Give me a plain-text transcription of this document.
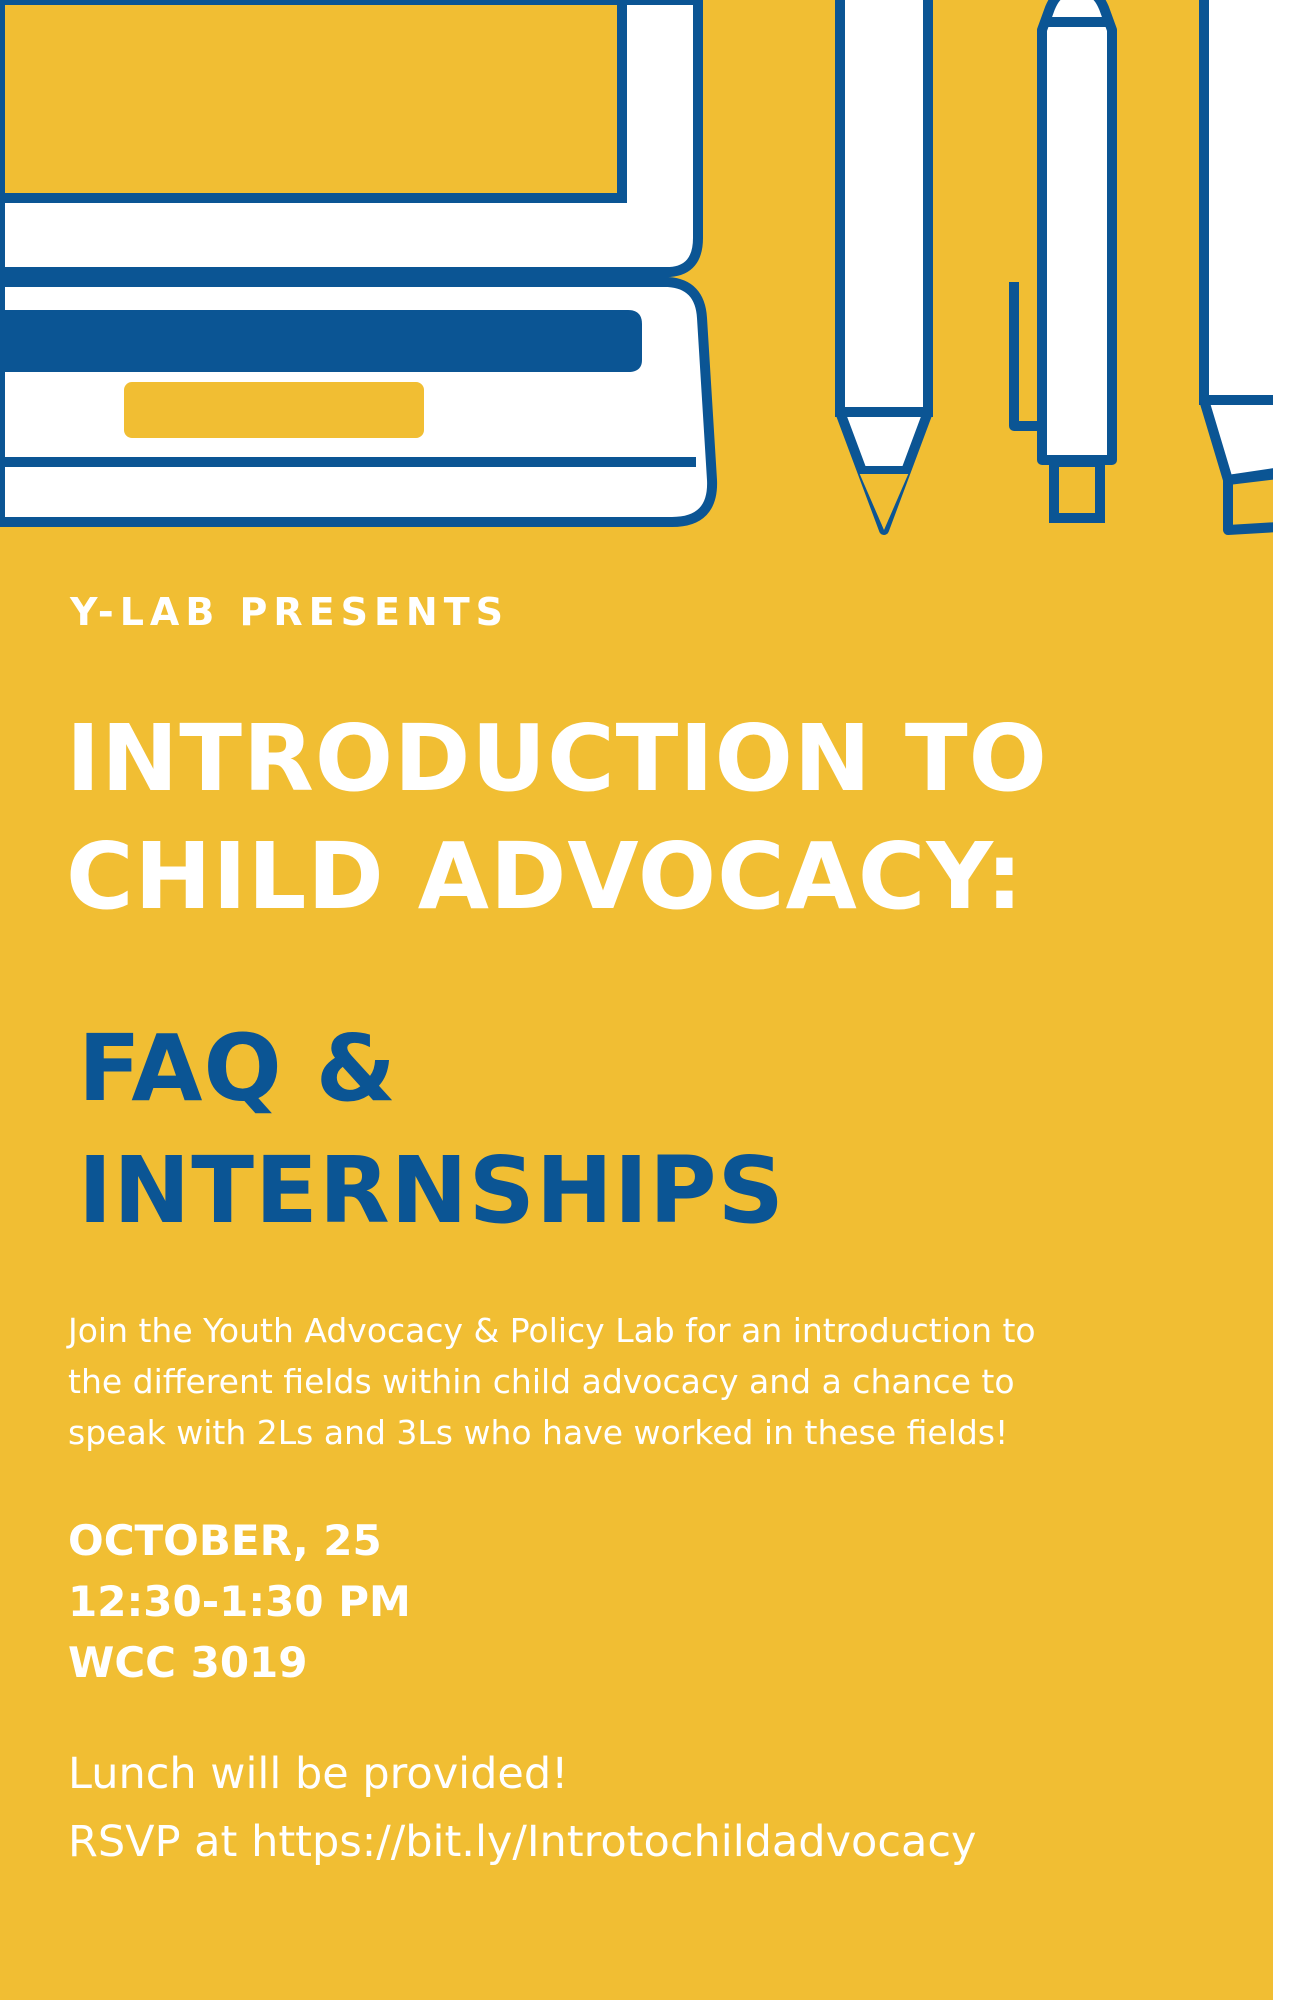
Y-LAB PRESENTS
INTRODUCTION TO
CHILD ADVOCACY:
FAQ &
INTERNSHIPS
Join the Youth Advocacy & Policy Lab for an introduction to
the different fields within child advocacy and a chance to
speak with 2Ls and 3Ls who have worked in these fields!
OCTOBER, 25
12:30-1:30 PM
WCC 3019
Lunch will be provided!
RSVP at https://bit.ly/Introtochildadvocacy
